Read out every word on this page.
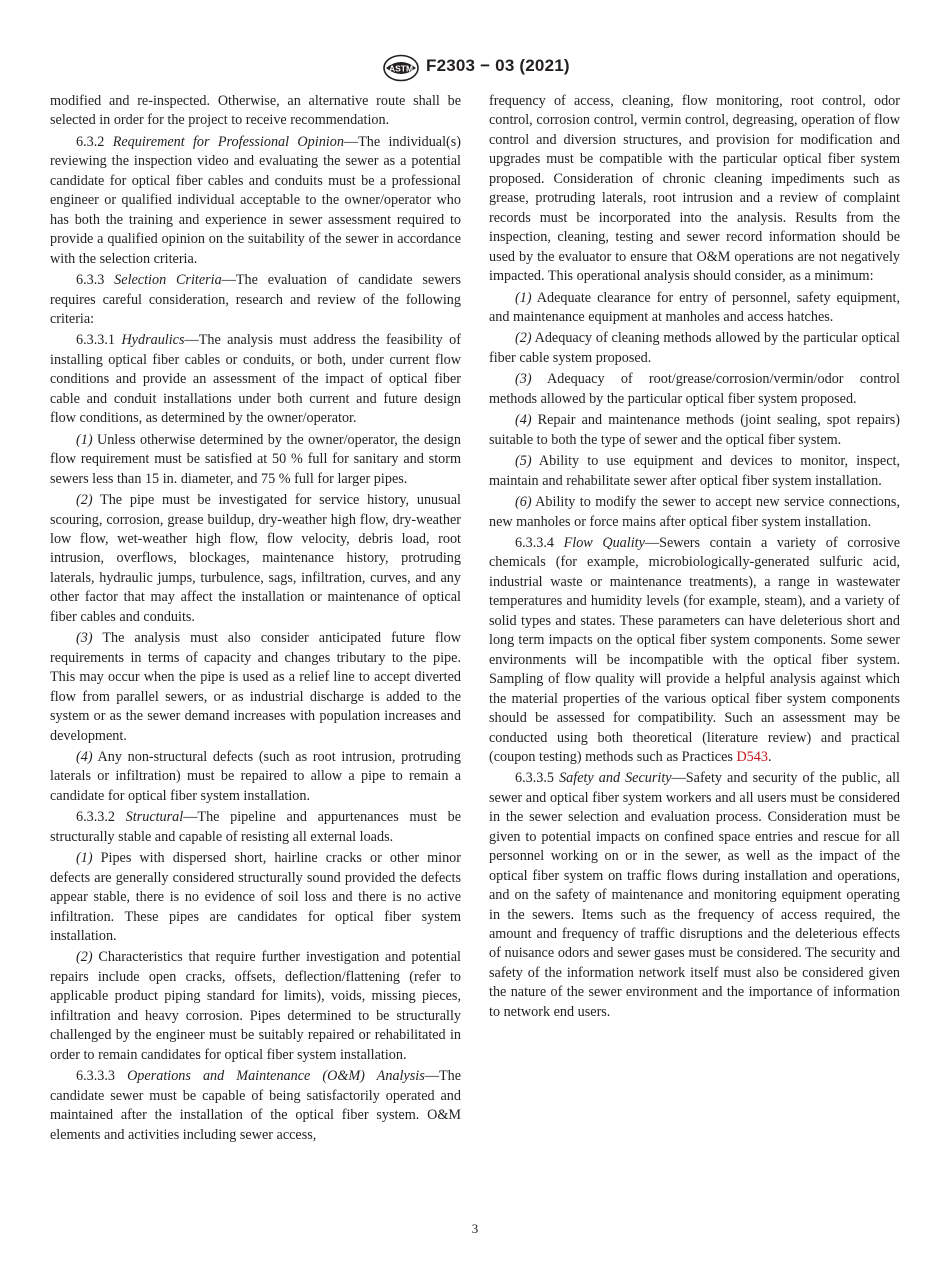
ASTM F2303 − 03 (2021)

modified and re-inspected. Otherwise, an alternative route shall be selected in order for the project to receive recommendation.

6.3.2 Requirement for Professional Opinion—The individual(s) reviewing the inspection video and evaluating the sewer as a potential candidate for optical fiber cables and conduits must be a professional engineer or qualified individual acceptable to the owner/operator who has both the training and experience in sewer assessment required to provide a qualified opinion on the suitability of the sewer in accordance with the selection criteria.

6.3.3 Selection Criteria—The evaluation of candidate sewers requires careful consideration, research and review of the following criteria:

6.3.3.1 Hydraulics—The analysis must address the feasibility of installing optical fiber cables or conduits, or both, under current flow conditions and provide an assessment of the impact of optical fiber cable and conduit installations under both current and future design flow conditions, as determined by the owner/operator.

(1) Unless otherwise determined by the owner/operator, the design flow requirement must be satisfied at 50 % full for sanitary and storm sewers less than 15 in. diameter, and 75 % full for larger pipes.

(2) The pipe must be investigated for service history, unusual scouring, corrosion, grease buildup, dry-weather high flow, dry-weather low flow, wet-weather high flow, flow velocity, debris load, root intrusion, overflows, blockages, maintenance history, protruding laterals, hydraulic jumps, turbulence, sags, infiltration, curves, and any other factor that may affect the installation or maintenance of optical fiber cables and conduits.

(3) The analysis must also consider anticipated future flow requirements in terms of capacity and changes tributary to the pipe. This may occur when the pipe is used as a relief line to accept diverted flow from parallel sewers, or as industrial discharge is added to the system or as the sewer demand increases with population increases and development.

(4) Any non-structural defects (such as root intrusion, protruding laterals or infiltration) must be repaired to allow a pipe to remain a candidate for optical fiber system installation.

6.3.3.2 Structural—The pipeline and appurtenances must be structurally stable and capable of resisting all external loads.

(1) Pipes with dispersed short, hairline cracks or other minor defects are generally considered structurally sound provided the defects appear stable, there is no evidence of soil loss and there is no active infiltration. These pipes are candidates for optical fiber system installation.

(2) Characteristics that require further investigation and potential repairs include open cracks, offsets, deflection/flattening (refer to applicable product piping standard for limits), voids, missing pieces, infiltration and heavy corrosion. Pipes determined to be structurally challenged by the engineer must be suitably repaired or rehabilitated in order to remain candidates for optical fiber system installation.

6.3.3.3 Operations and Maintenance (O&M) Analysis—The candidate sewer must be capable of being satisfactorily operated and maintained after the installation of the optical fiber system. O&M elements and activities including sewer access,

frequency of access, cleaning, flow monitoring, root control, odor control, corrosion control, vermin control, degreasing, operation of flow control and diversion structures, and provision for modification and upgrades must be compatible with the particular optical fiber system proposed. Consideration of chronic cleaning impediments such as grease, protruding laterals, root intrusion and a review of complaint records must be incorporated into the analysis. Results from the inspection, cleaning, testing and sewer record information should be used by the evaluator to ensure that O&M operations are not negatively impacted. This operational analysis should consider, as a minimum:

(1) Adequate clearance for entry of personnel, safety equipment, and maintenance equipment at manholes and access hatches.

(2) Adequacy of cleaning methods allowed by the particular optical fiber cable system proposed.

(3) Adequacy of root/grease/corrosion/vermin/odor control methods allowed by the particular optical fiber system proposed.

(4) Repair and maintenance methods (joint sealing, spot repairs) suitable to both the type of sewer and the optical fiber system.

(5) Ability to use equipment and devices to monitor, inspect, maintain and rehabilitate sewer after optical fiber system installation.

(6) Ability to modify the sewer to accept new service connections, new manholes or force mains after optical fiber system installation.

6.3.3.4 Flow Quality—Sewers contain a variety of corrosive chemicals (for example, microbiologically-generated sulfuric acid, industrial waste or maintenance treatments), a range in wastewater temperatures and humidity levels (for example, steam), and a variety of solid types and states. These parameters can have deleterious short and long term impacts on the optical fiber system components. Some sewer environments will be incompatible with the optical fiber system. Sampling of flow quality will provide a helpful analysis against which the material properties of the various optical fiber system components should be assessed for compatibility. Such an assessment may be conducted using both theoretical (literature review) and practical (coupon testing) methods such as Practices D543.

6.3.3.5 Safety and Security—Safety and security of the public, all sewer and optical fiber system workers and all users must be considered in the sewer selection and evaluation process. Consideration must be given to potential impacts on confined space entries and rescue for all personnel working on or in the sewer, as well as the impact of the optical fiber system on traffic flows during installation and operations, and on the safety of maintenance and monitoring equipment operating in the sewers. Items such as the frequency of access required, the amount and frequency of traffic disruptions and the deleterious effects of nuisance odors and sewer gases must be considered. The security and safety of the information network itself must also be considered given the nature of the sewer environment and the importance of information to network end users.

3
